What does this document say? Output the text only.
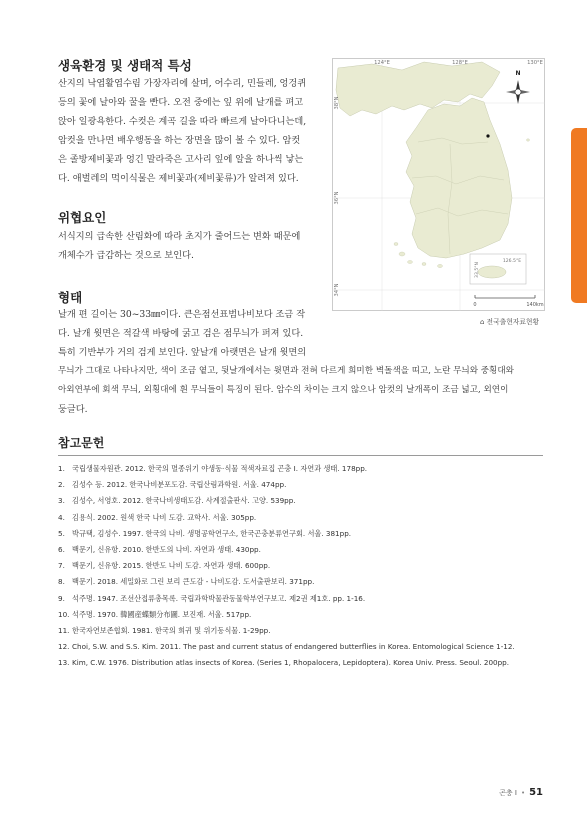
생육환경 및 생태적 특성
산지의 낙엽활엽수림 가장자리에 살며, 어수리, 민들레, 엉겅퀴
등의 꽃에 날아와 꿀을 빤다. 오전 중에는 잎 위에 날개를 펴고
앉아 일광욕한다. 수컷은 계곡 길을 따라 빠르게 날아다니는데,
암컷을 만나면 배우행동을 하는 장면을 많이 볼 수 있다. 암컷
은 졸방제비꽃과 엉긴 말라죽은 고사리 잎에 알을 하나씩 낳는
다. 애벌레의 먹이식물은 제비꽃과(제비꽃류)가 알려져 있다.
위협요인
서식지의 급속한 산림화에 따라 초지가 줄어드는 변화 때문에
개체수가 급감하는 것으로 보인다.
형태
날개 편 길이는 30~33㎜이다. 큰은점선표범나비보다 조금 작
다. 날개 윗면은 적갈색 바탕에 굵고 검은 점무늬가 퍼져 있다.
특히 기반부가 거의 검게 보인다. 앞날개 아랫면은 날개 윗면의
무늬가 그대로 나타나지만, 색이 조금 옅고, 뒷날개에서는 윗면과 전혀 다르게 희미한 벽돌색을 띠고, 노란 무늬와 중횡대와
아외연부에 회색 무늬, 외횡대에 흰 무늬들이 특징이 된다. 암수의 차이는 크지 않으나 암컷의 날개폭이 조금 넓고, 외연이
둥글다.
N
124°E	128°E	130°E
38°N
36°N
34°N
33.5°N
126.5°E
0	140km
⌂ 전국출현자료현황
참고문헌
1. 국립생물자원관. 2012. 한국의 멸종위기 야생동·식물 적색자료집 곤충 I. 자연과 생태. 178pp.
2. 김성수 등. 2012. 한국나비분포도감. 국립산림과학원. 서울. 474pp.
3. 김성수, 서영호. 2012. 한국나비생태도감. 사계절출판사. 고양. 539pp.
4. 김용식. 2002. 원색 한국 나비 도감. 교학사. 서울. 305pp.
5. 박규택, 김성수. 1997. 한국의 나비. 생명공학연구소, 한국곤충분류연구회. 서울. 381pp.
6. 백문기, 신유항. 2010. 한반도의 나비. 자연과 생태. 430pp.
7. 백문기, 신유항. 2015. 한반도 나비 도감. 자연과 생태. 600pp.
8. 백문기. 2018. 세밀화로 그린 보리 큰도감 - 나비도감. 도서출판보리. 371pp.
9. 석주명. 1947. 조선산접류총목록. 국립과학박물관동물학부연구보고. 제2권 제1호. pp. 1-16.
10. 석주명. 1970. 韓國産蝶類分布圖. 보진재. 서울. 517pp.
11. 한국자연보존협회. 1981. 한국의 희귀 및 위기동식물. 1-29pp.
12. Choi, S.W. and S.S. Kim. 2011. The past and current status of endangered butterflies in Korea. Entomological Science 1-12.
13. Kim, C.W. 1976. Distribution atlas insects of Korea. (Series 1, Rhopalocera, Lepidoptera). Korea Univ. Press. Seoul. 200pp.
곤충 I • 51
